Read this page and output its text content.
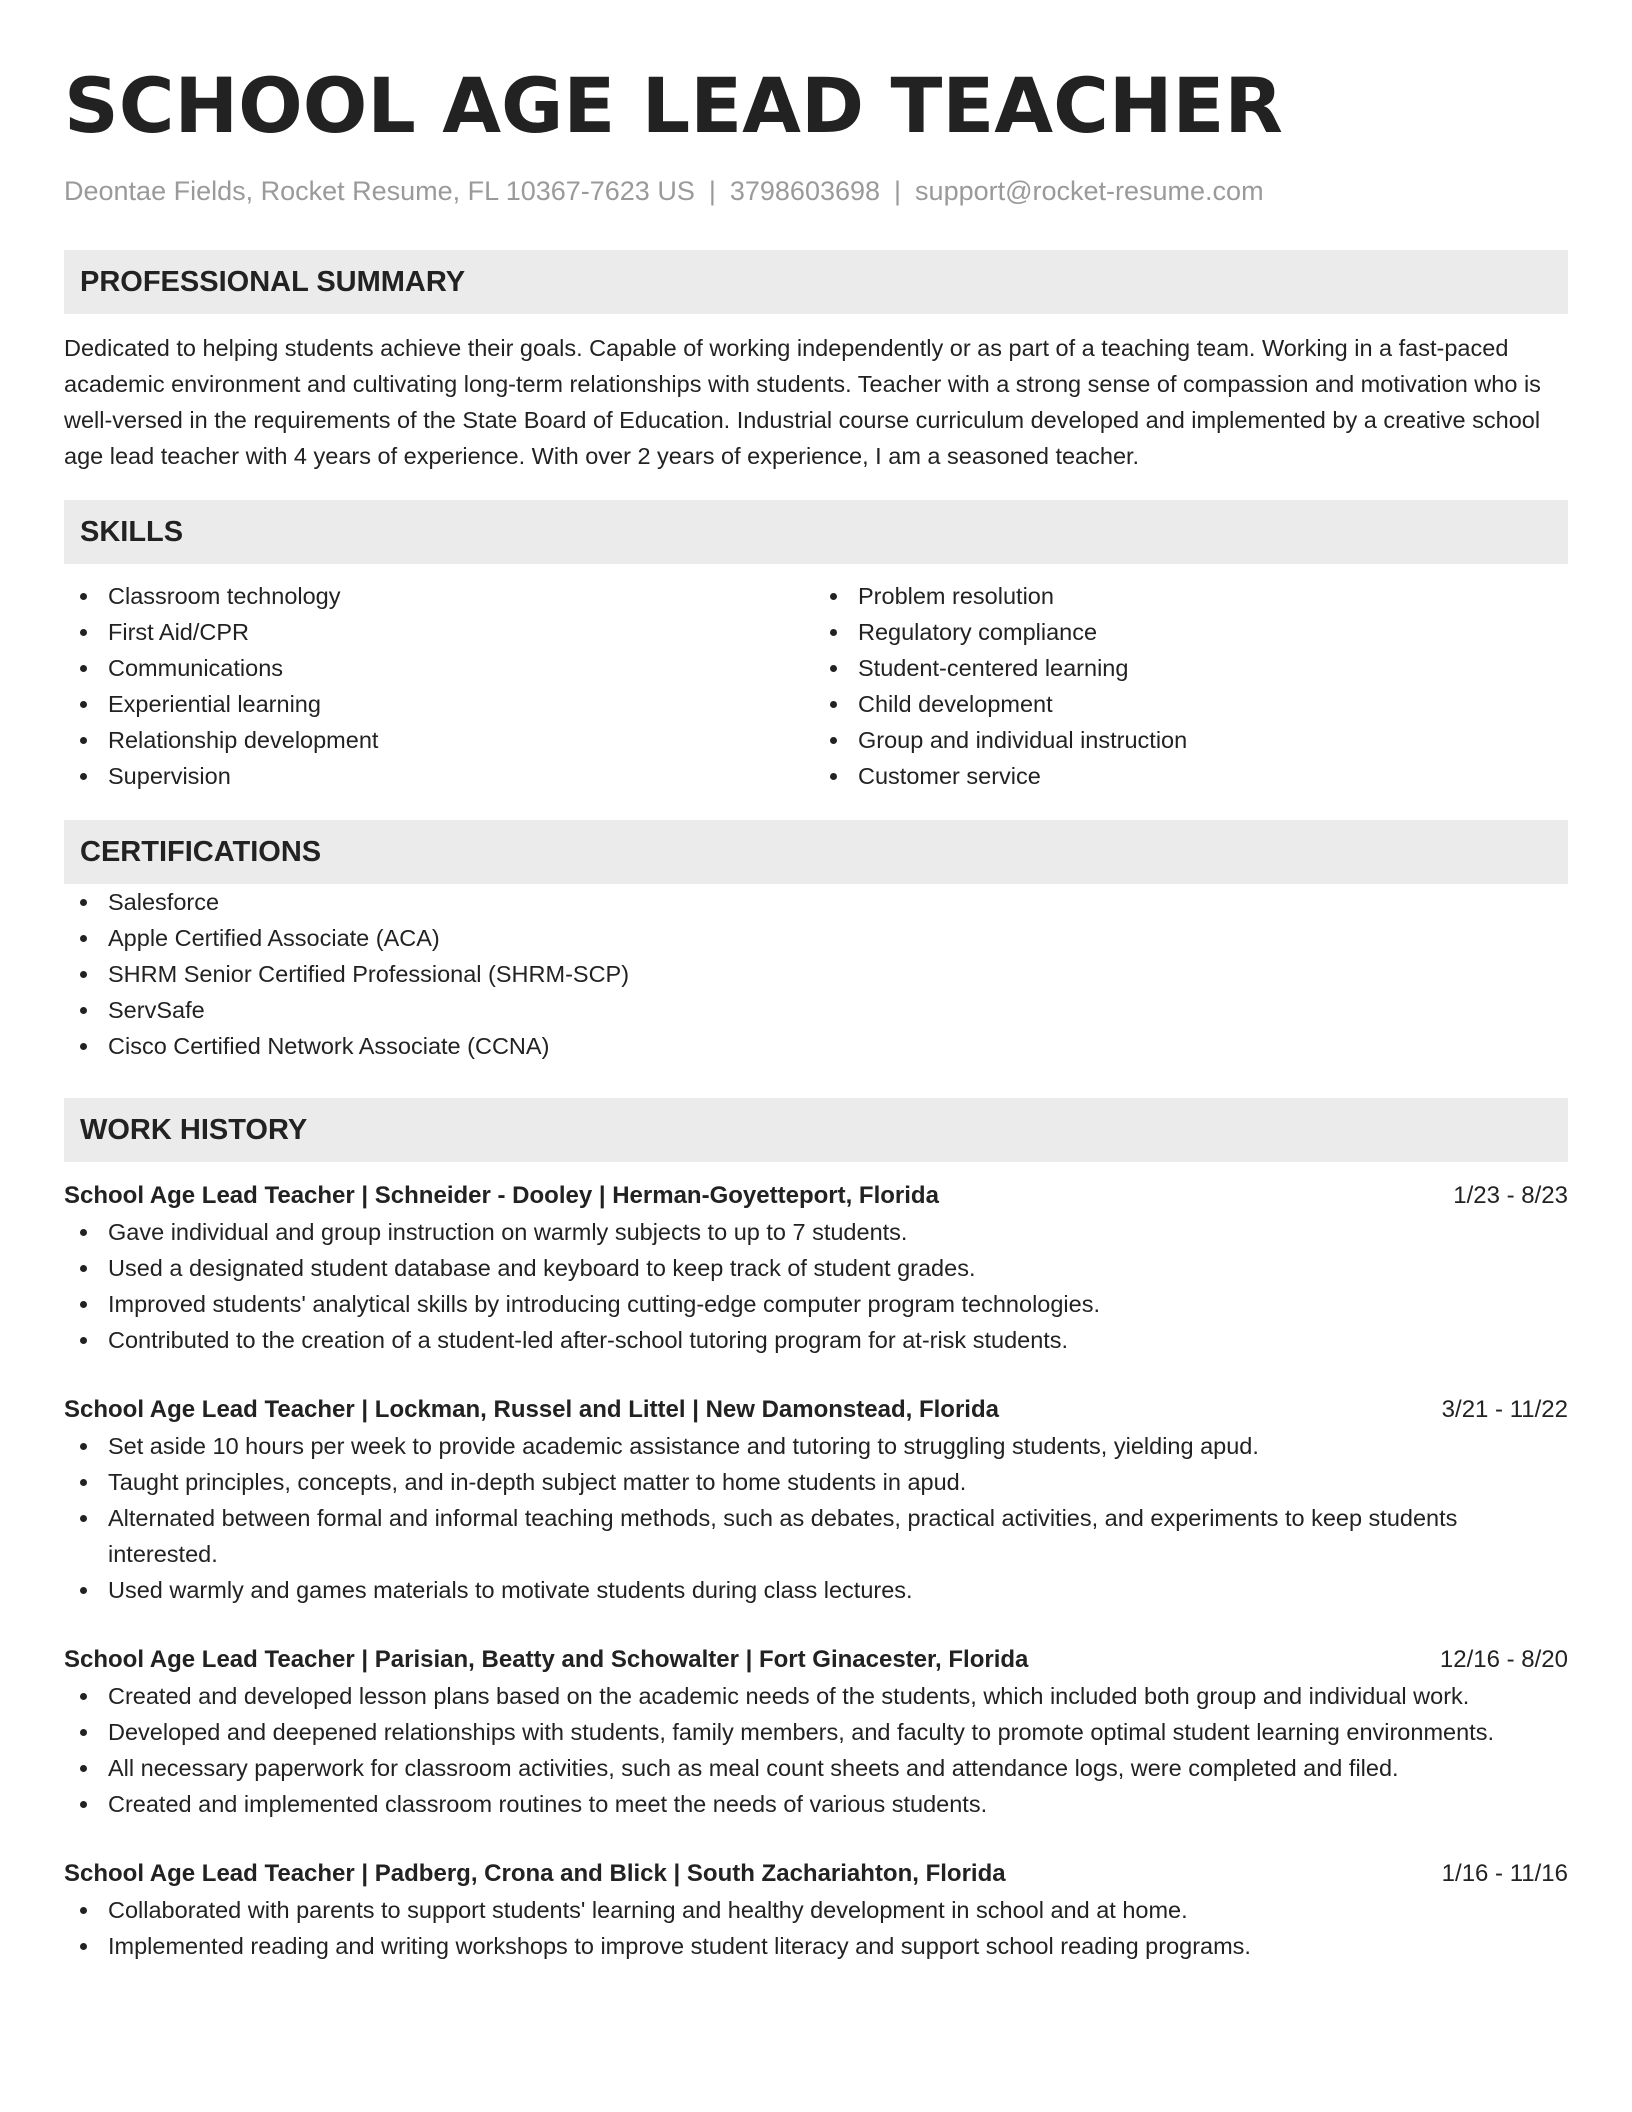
SCHOOL AGE LEAD TEACHER
Deontae Fields, Rocket Resume, FL 10367-7623 US | 3798603698 | support@rocket-resume.com
PROFESSIONAL SUMMARY
Dedicated to helping students achieve their goals. Capable of working independently or as part of a teaching team. Working in a fast-paced academic environment and cultivating long-term relationships with students. Teacher with a strong sense of compassion and motivation who is well-versed in the requirements of the State Board of Education. Industrial course curriculum developed and implemented by a creative school age lead teacher with 4 years of experience. With over 2 years of experience, I am a seasoned teacher.
SKILLS
Classroom technology
First Aid/CPR
Communications
Experiential learning
Relationship development
Supervision
Problem resolution
Regulatory compliance
Student-centered learning
Child development
Group and individual instruction
Customer service
CERTIFICATIONS
Salesforce
Apple Certified Associate (ACA)
SHRM Senior Certified Professional (SHRM-SCP)
ServSafe
Cisco Certified Network Associate (CCNA)
WORK HISTORY
School Age Lead Teacher | Schneider - Dooley | Herman-Goyetteport, Florida	1/23 - 8/23
Gave individual and group instruction on warmly subjects to up to 7 students.
Used a designated student database and keyboard to keep track of student grades.
Improved students' analytical skills by introducing cutting-edge computer program technologies.
Contributed to the creation of a student-led after-school tutoring program for at-risk students.
School Age Lead Teacher | Lockman, Russel and Littel | New Damonstead, Florida	3/21 - 11/22
Set aside 10 hours per week to provide academic assistance and tutoring to struggling students, yielding apud.
Taught principles, concepts, and in-depth subject matter to home students in apud.
Alternated between formal and informal teaching methods, such as debates, practical activities, and experiments to keep students interested.
Used warmly and games materials to motivate students during class lectures.
School Age Lead Teacher | Parisian, Beatty and Schowalter | Fort Ginacester, Florida	12/16 - 8/20
Created and developed lesson plans based on the academic needs of the students, which included both group and individual work.
Developed and deepened relationships with students, family members, and faculty to promote optimal student learning environments.
All necessary paperwork for classroom activities, such as meal count sheets and attendance logs, were completed and filed.
Created and implemented classroom routines to meet the needs of various students.
School Age Lead Teacher | Padberg, Crona and Blick | South Zachariahton, Florida	1/16 - 11/16
Collaborated with parents to support students' learning and healthy development in school and at home.
Implemented reading and writing workshops to improve student literacy and support school reading programs.
